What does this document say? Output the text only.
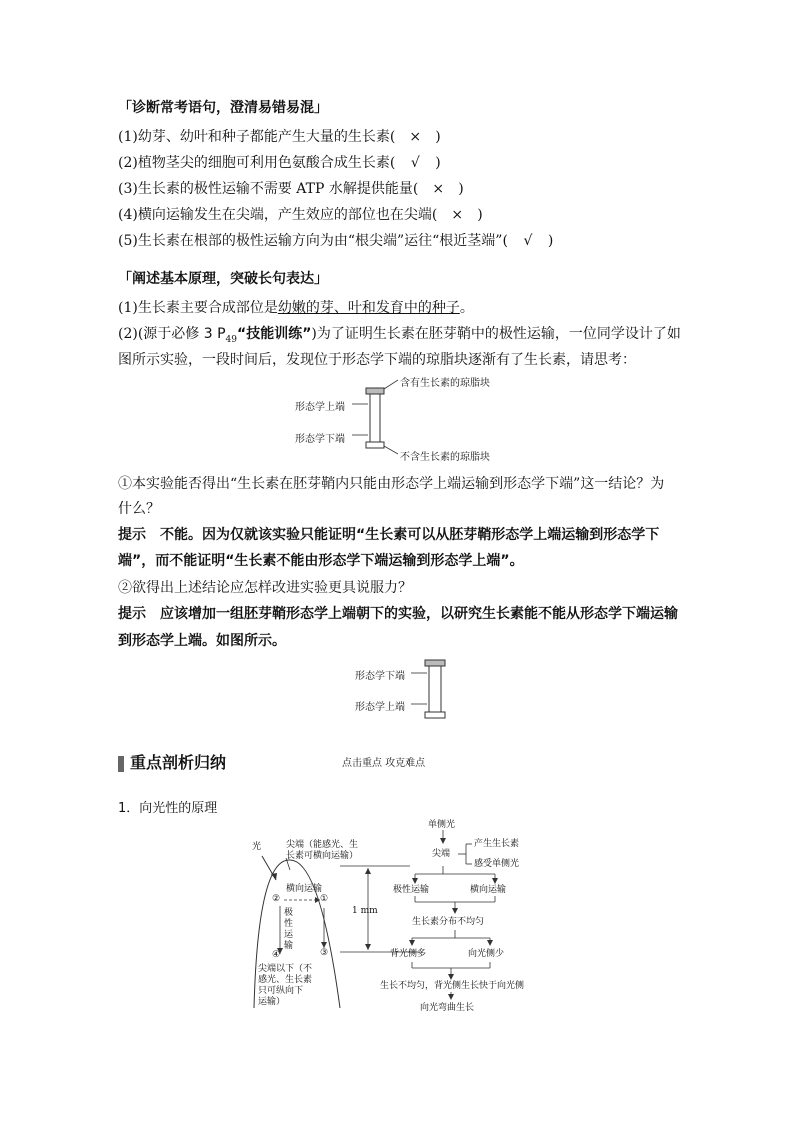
「 诊断常考语句，澄清易错易混 」
(1)幼芽、幼叶和种子都能产生大量的生长素( × )
(2)植物茎尖的细胞可利用色氨酸合成生长素( √ )
(3)生长素的极性运输不需要 ATP 水解提供能量( × )
(4)横向运输发生在尖端，产生效应的部位也在尖端( × )
(5)生长素在根部的极性运输方向为由“根尖端”运往“根近茎端”( √ )
「 阐述基本原理，突破长句表达 」
(1)生长素主要合成部位是幼嫩的芽、叶和发育中的种子。
(2)(源于必修 3 $P_{49}“$技能训练”)为了证明生长素在胚芽鞘中的极性运输，一位同学设计了如
图所示实验，一段时间后，发现位于形态学下端的琼脂块逐渐有了生长素，请思考：
含有生长素的琼脂块
形态学上端
形态学下端
不含生长素的琼脂块
①本实验能否得出“生长素在胚芽鞘内只能由形态学上端运输到形态学下端”这一结论？为
什么？
提示　不能。因为仅就该实验只能证明“生长素可以从胚芽鞘形态学上端运输到形态学下
端”，而不能证明“生长素不能由形态学下端运输到形态学上端”。
②欲得出上述结论应怎样改进实验更具说服力？
提示　应该增加一组胚芽鞘形态学上端朝下的实验，以研究生长素能不能从形态学下端运输
到形态学上端。如图所示。
形态学下端
形态学上端
重点剖析归纳	点击重点 攻克难点
1．向光性的原理
光	尖端（能感光、生
长素可横向运输）
横向运输
①
②
③
④
极
性
运
输
1 mm
尖端以下（不
感光、生长素
只可纵向下
运输）
单侧光
尖端
产生生长素
感受单侧光
极性运输	横向运输
生长素分布不均匀
背光侧多	向光侧少
生长不均匀，背光侧生长快于向光侧
向光弯曲生长
